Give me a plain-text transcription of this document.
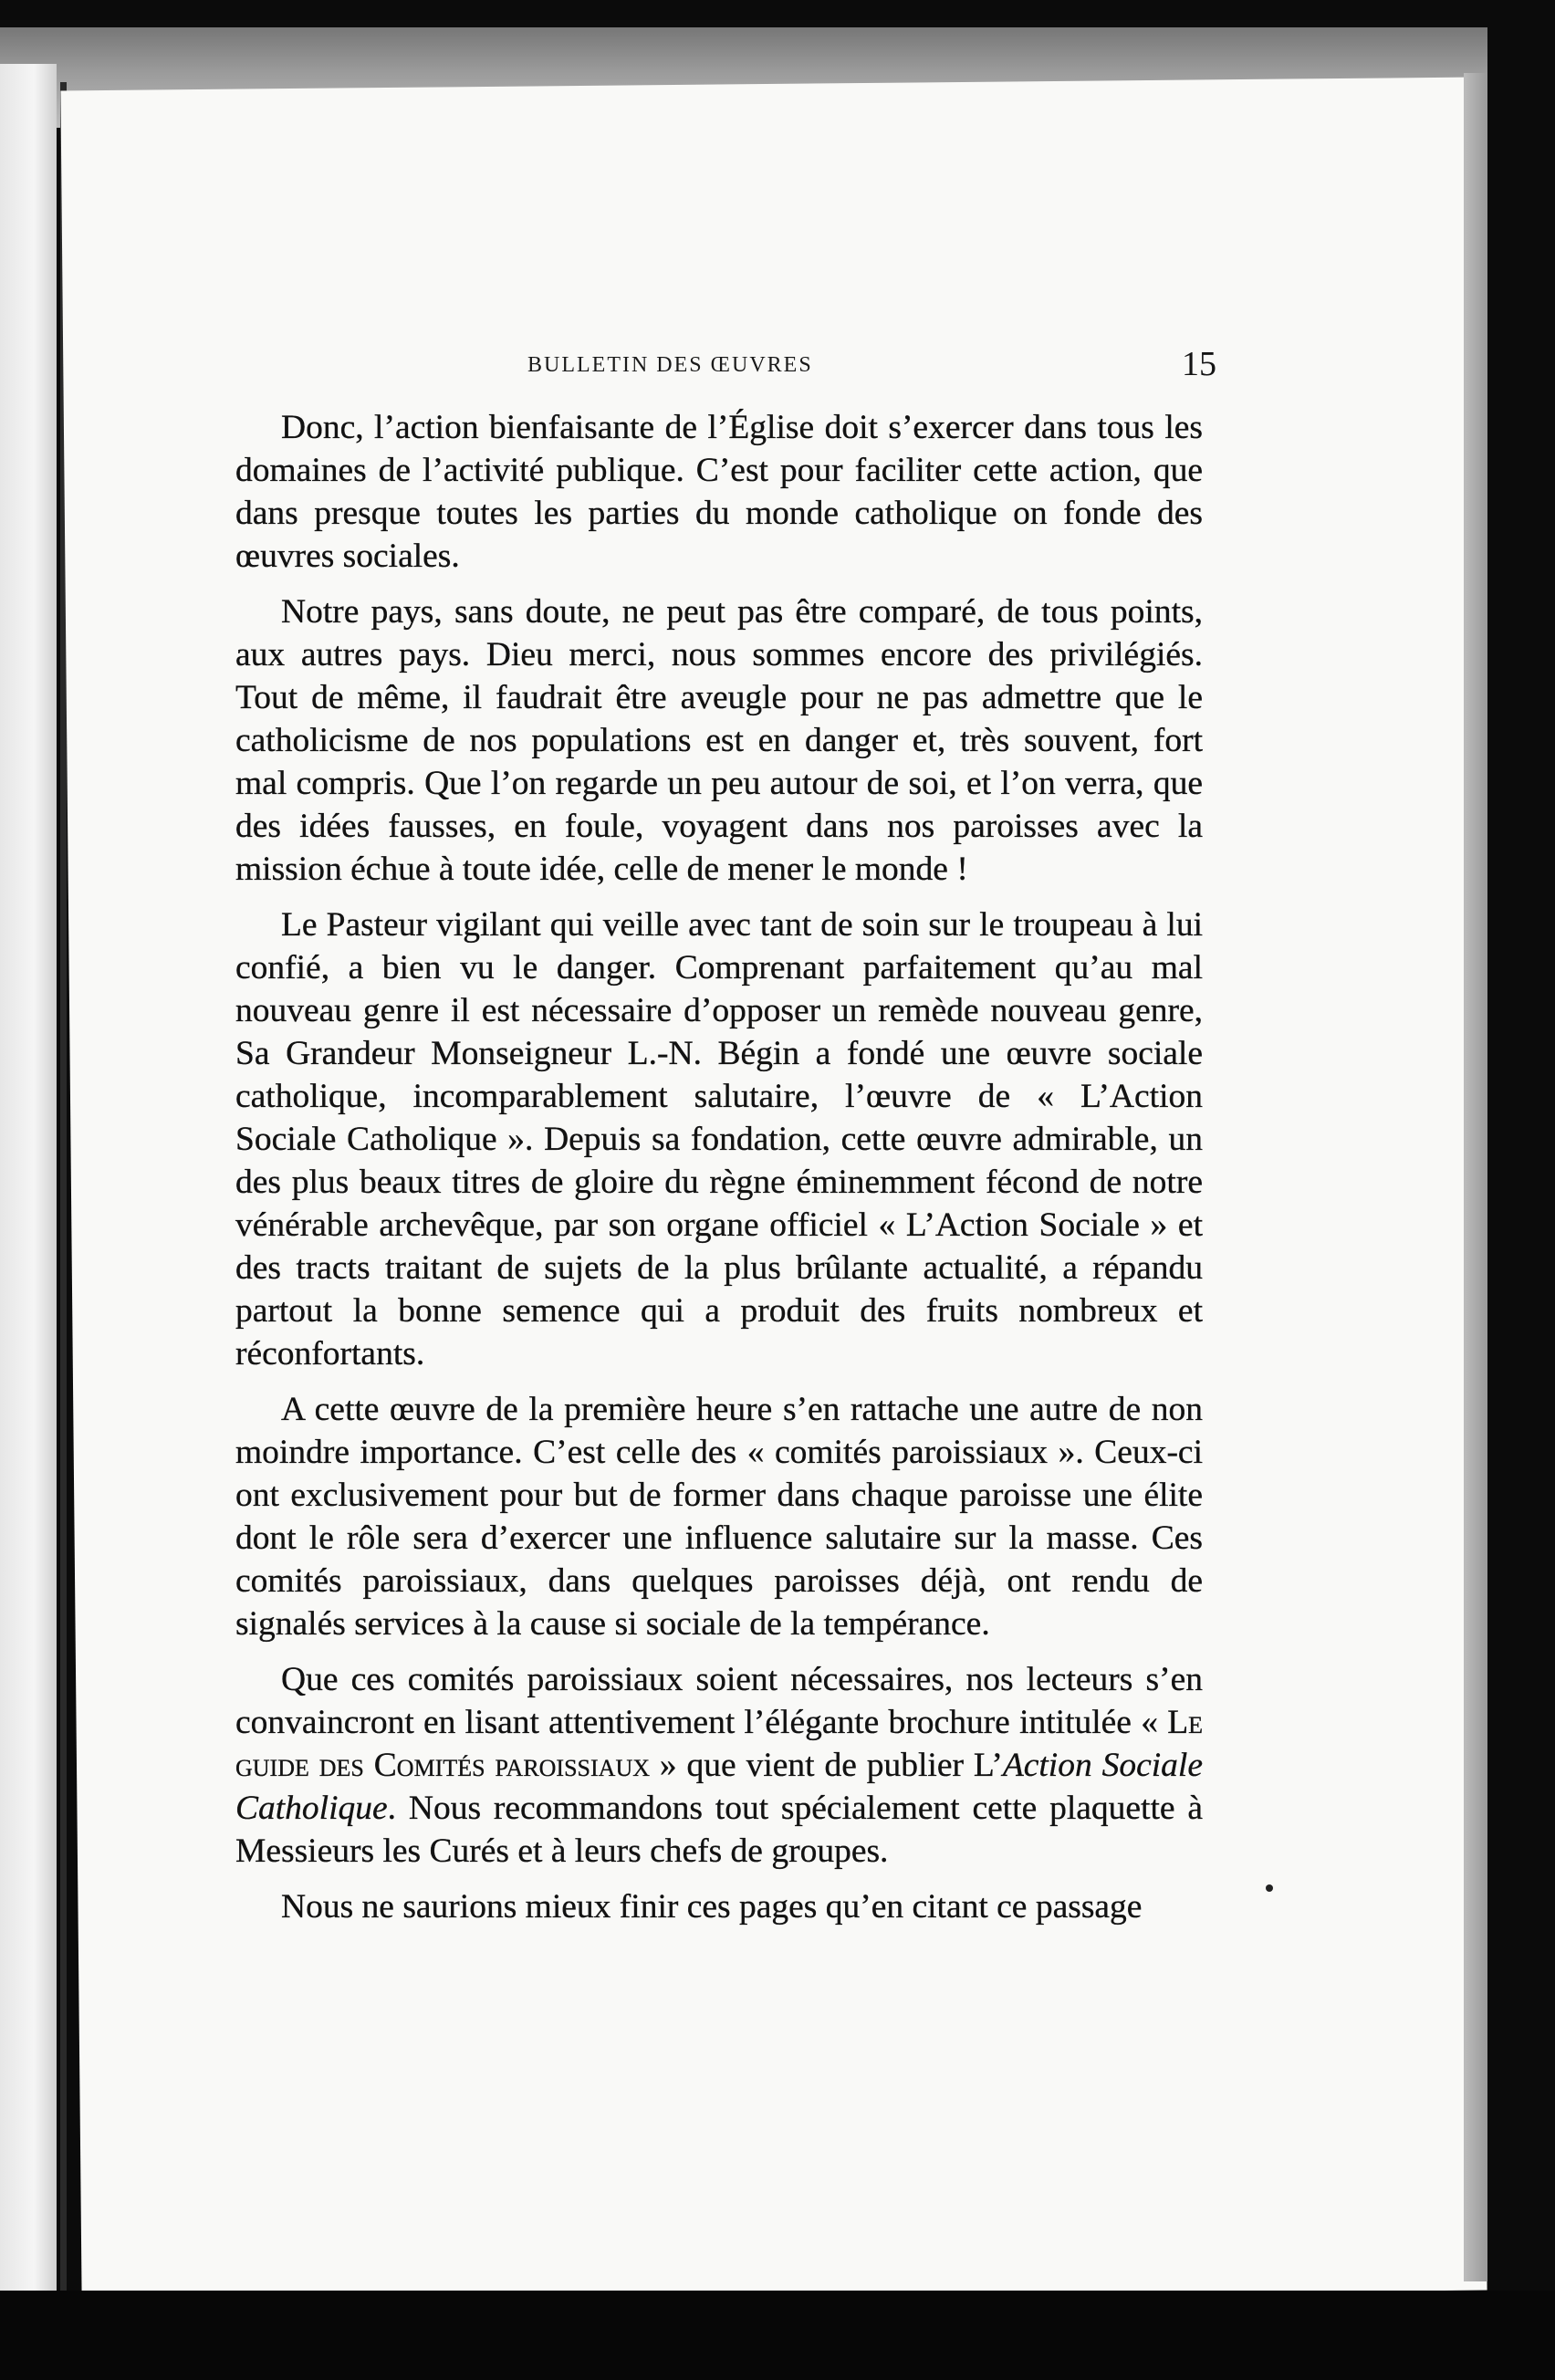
BULLETIN DES ŒUVRES	15

Donc, l’action bienfaisante de l’Église doit s’exercer dans tous les domaines de l’activité publique. C’est pour faciliter cette action, que dans presque toutes les parties du monde catholique on fonde des œuvres sociales.

Notre pays, sans doute, ne peut pas être comparé, de tous points, aux autres pays. Dieu merci, nous sommes encore des privilégiés. Tout de même, il faudrait être aveugle pour ne pas admettre que le catholicisme de nos populations est en danger et, très souvent, fort mal compris. Que l’on regarde un peu autour de soi, et l’on verra, que des idées fausses, en foule, voyagent dans nos paroisses avec la mission échue à toute idée, celle de mener le monde !

Le Pasteur vigilant qui veille avec tant de soin sur le troupeau à lui confié, a bien vu le danger. Comprenant parfaitement qu’au mal nouveau genre il est nécessaire d’opposer un remède nouveau genre, Sa Grandeur Monseigneur L.-N. Bégin a fondé une œuvre sociale catholique, incomparablement salutaire, l’œuvre de « L’Action Sociale Catholique ». Depuis sa fondation, cette œuvre admirable, un des plus beaux titres de gloire du règne éminemment fécond de notre vénérable archevêque, par son organe officiel « L’Action Sociale » et des tracts traitant de sujets de la plus brûlante actualité, a répandu partout la bonne semence qui a produit des fruits nombreux et réconfortants.

A cette œuvre de la première heure s’en rattache une autre de non moindre importance. C’est celle des « comités paroissiaux ». Ceux-ci ont exclusivement pour but de former dans chaque paroisse une élite dont le rôle sera d’exercer une influence salutaire sur la masse. Ces comités paroissiaux, dans quelques paroisses déjà, ont rendu de signalés services à la cause si sociale de la tempérance.

Que ces comités paroissiaux soient nécessaires, nos lecteurs s’en convaincront en lisant attentivement l’élégante brochure intitulée « Le guide des Comités paroissiaux » que vient de publier L’Action Sociale Catholique. Nous recommandons tout spécialement cette plaquette à Messieurs les Curés et à leurs chefs de groupes.

Nous ne saurions mieux finir ces pages qu’en citant ce passage
